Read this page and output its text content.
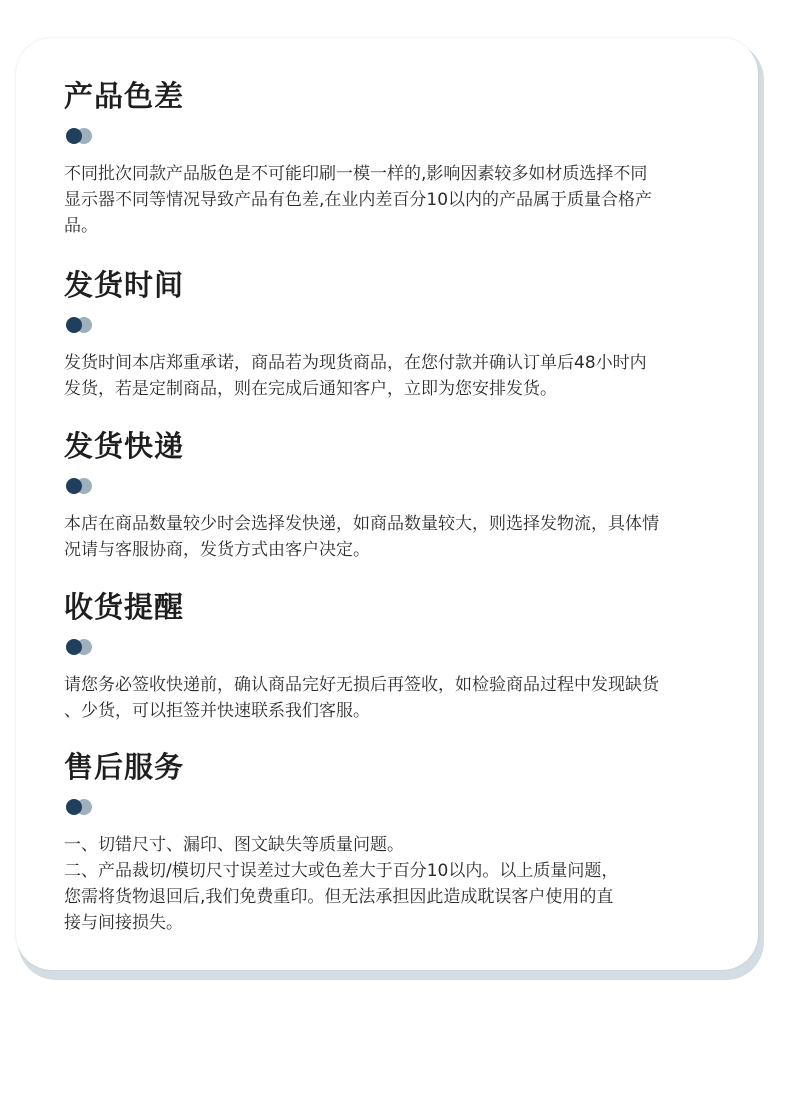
产品色差

不同批次同款产品版色是不可能印刷一模一样的,影响因素较多如材质选择不同

显示器不同等情况导致产品有色差,在业内差百分10以内的产品属于质量合格产

品。

发货时间

发货时间本店郑重承诺，商品若为现货商品，在您付款并确认订单后48小时内

发货，若是定制商品，则在完成后通知客户，立即为您安排发货。

发货快递

本店在商品数量较少时会选择发快递，如商品数量较大，则选择发物流，具体情

况请与客服协商，发货方式由客户决定。

收货提醒

请您务必签收快递前，确认商品完好无损后再签收，如检验商品过程中发现缺货

、少货，可以拒签并快速联系我们客服。

售后服务

一、切错尺寸、漏印、图文缺失等质量问题。

二、产品裁切/模切尺寸误差过大或色差大于百分10以内。以上质量问题，

您需将货物退回后,我们免费重印。但无法承担因此造成耽误客户使用的直

接与间接损失。
